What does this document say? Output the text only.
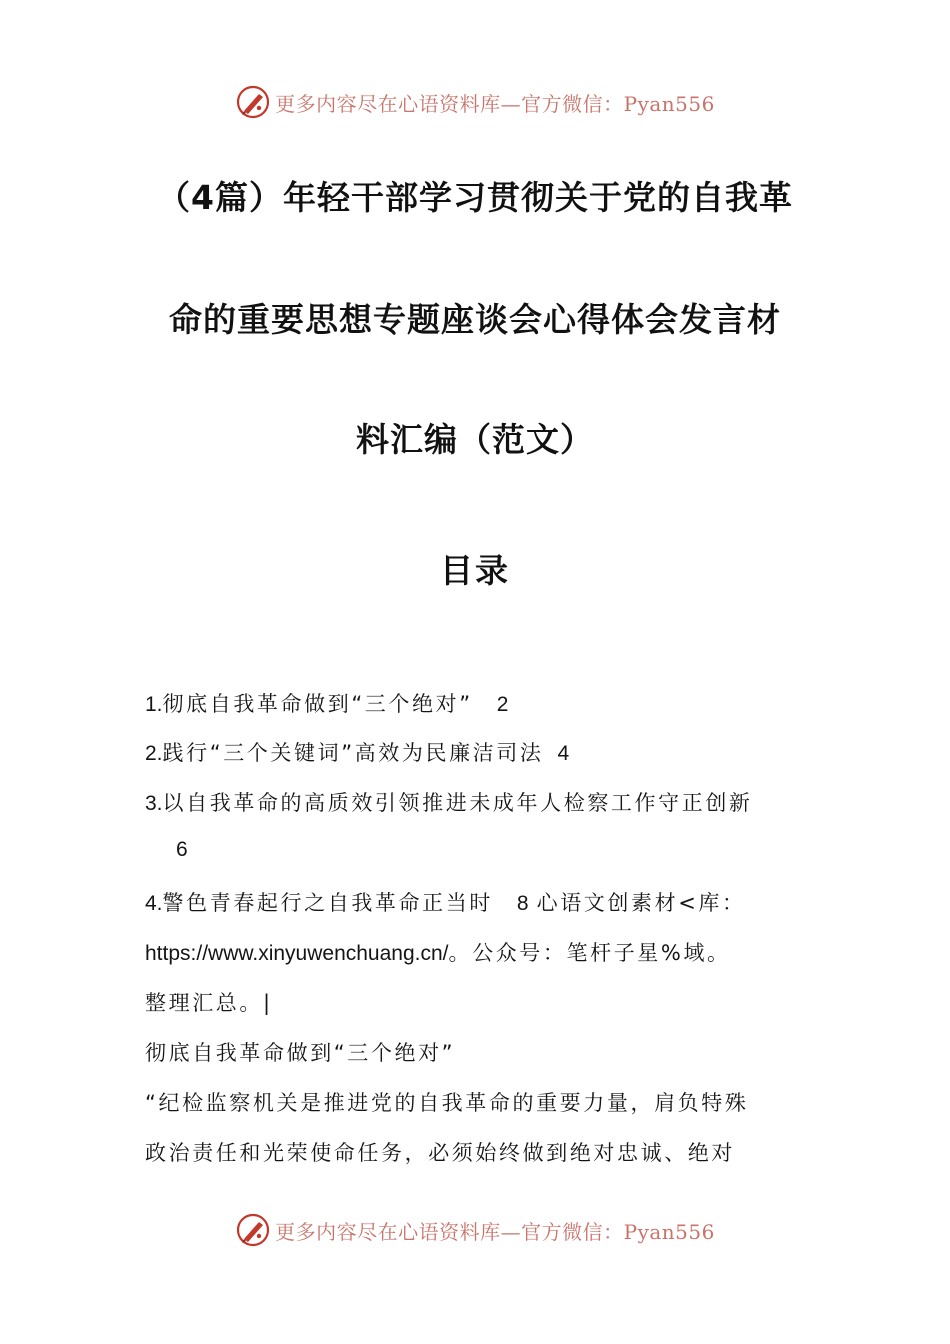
更多内容尽在心语资料库—官方微信：Pyan556
（4篇）年轻干部学习贯彻关于党的自我革
命的重要思想专题座谈会心得体会发言材
料汇编（范文）
目录
1.彻底自我革命做到“三个绝对” 2
2.践行“三个关键词”高效为民廉洁司法 4
3.以自我革命的高质效引领推进未成年人检察工作守正创新
6
4.警色青春起行之自我革命正当时 8 心语文创素材<库：
https://www.xinyuwenchuang.cn/。公众号：笔杆子星%域。
整理汇总。|
彻底自我革命做到“三个绝对”
“纪检监察机关是推进党的自我革命的重要力量，肩负特殊
政治责任和光荣使命任务，必须始终做到绝对忠诚、绝对
更多内容尽在心语资料库—官方微信：Pyan556
